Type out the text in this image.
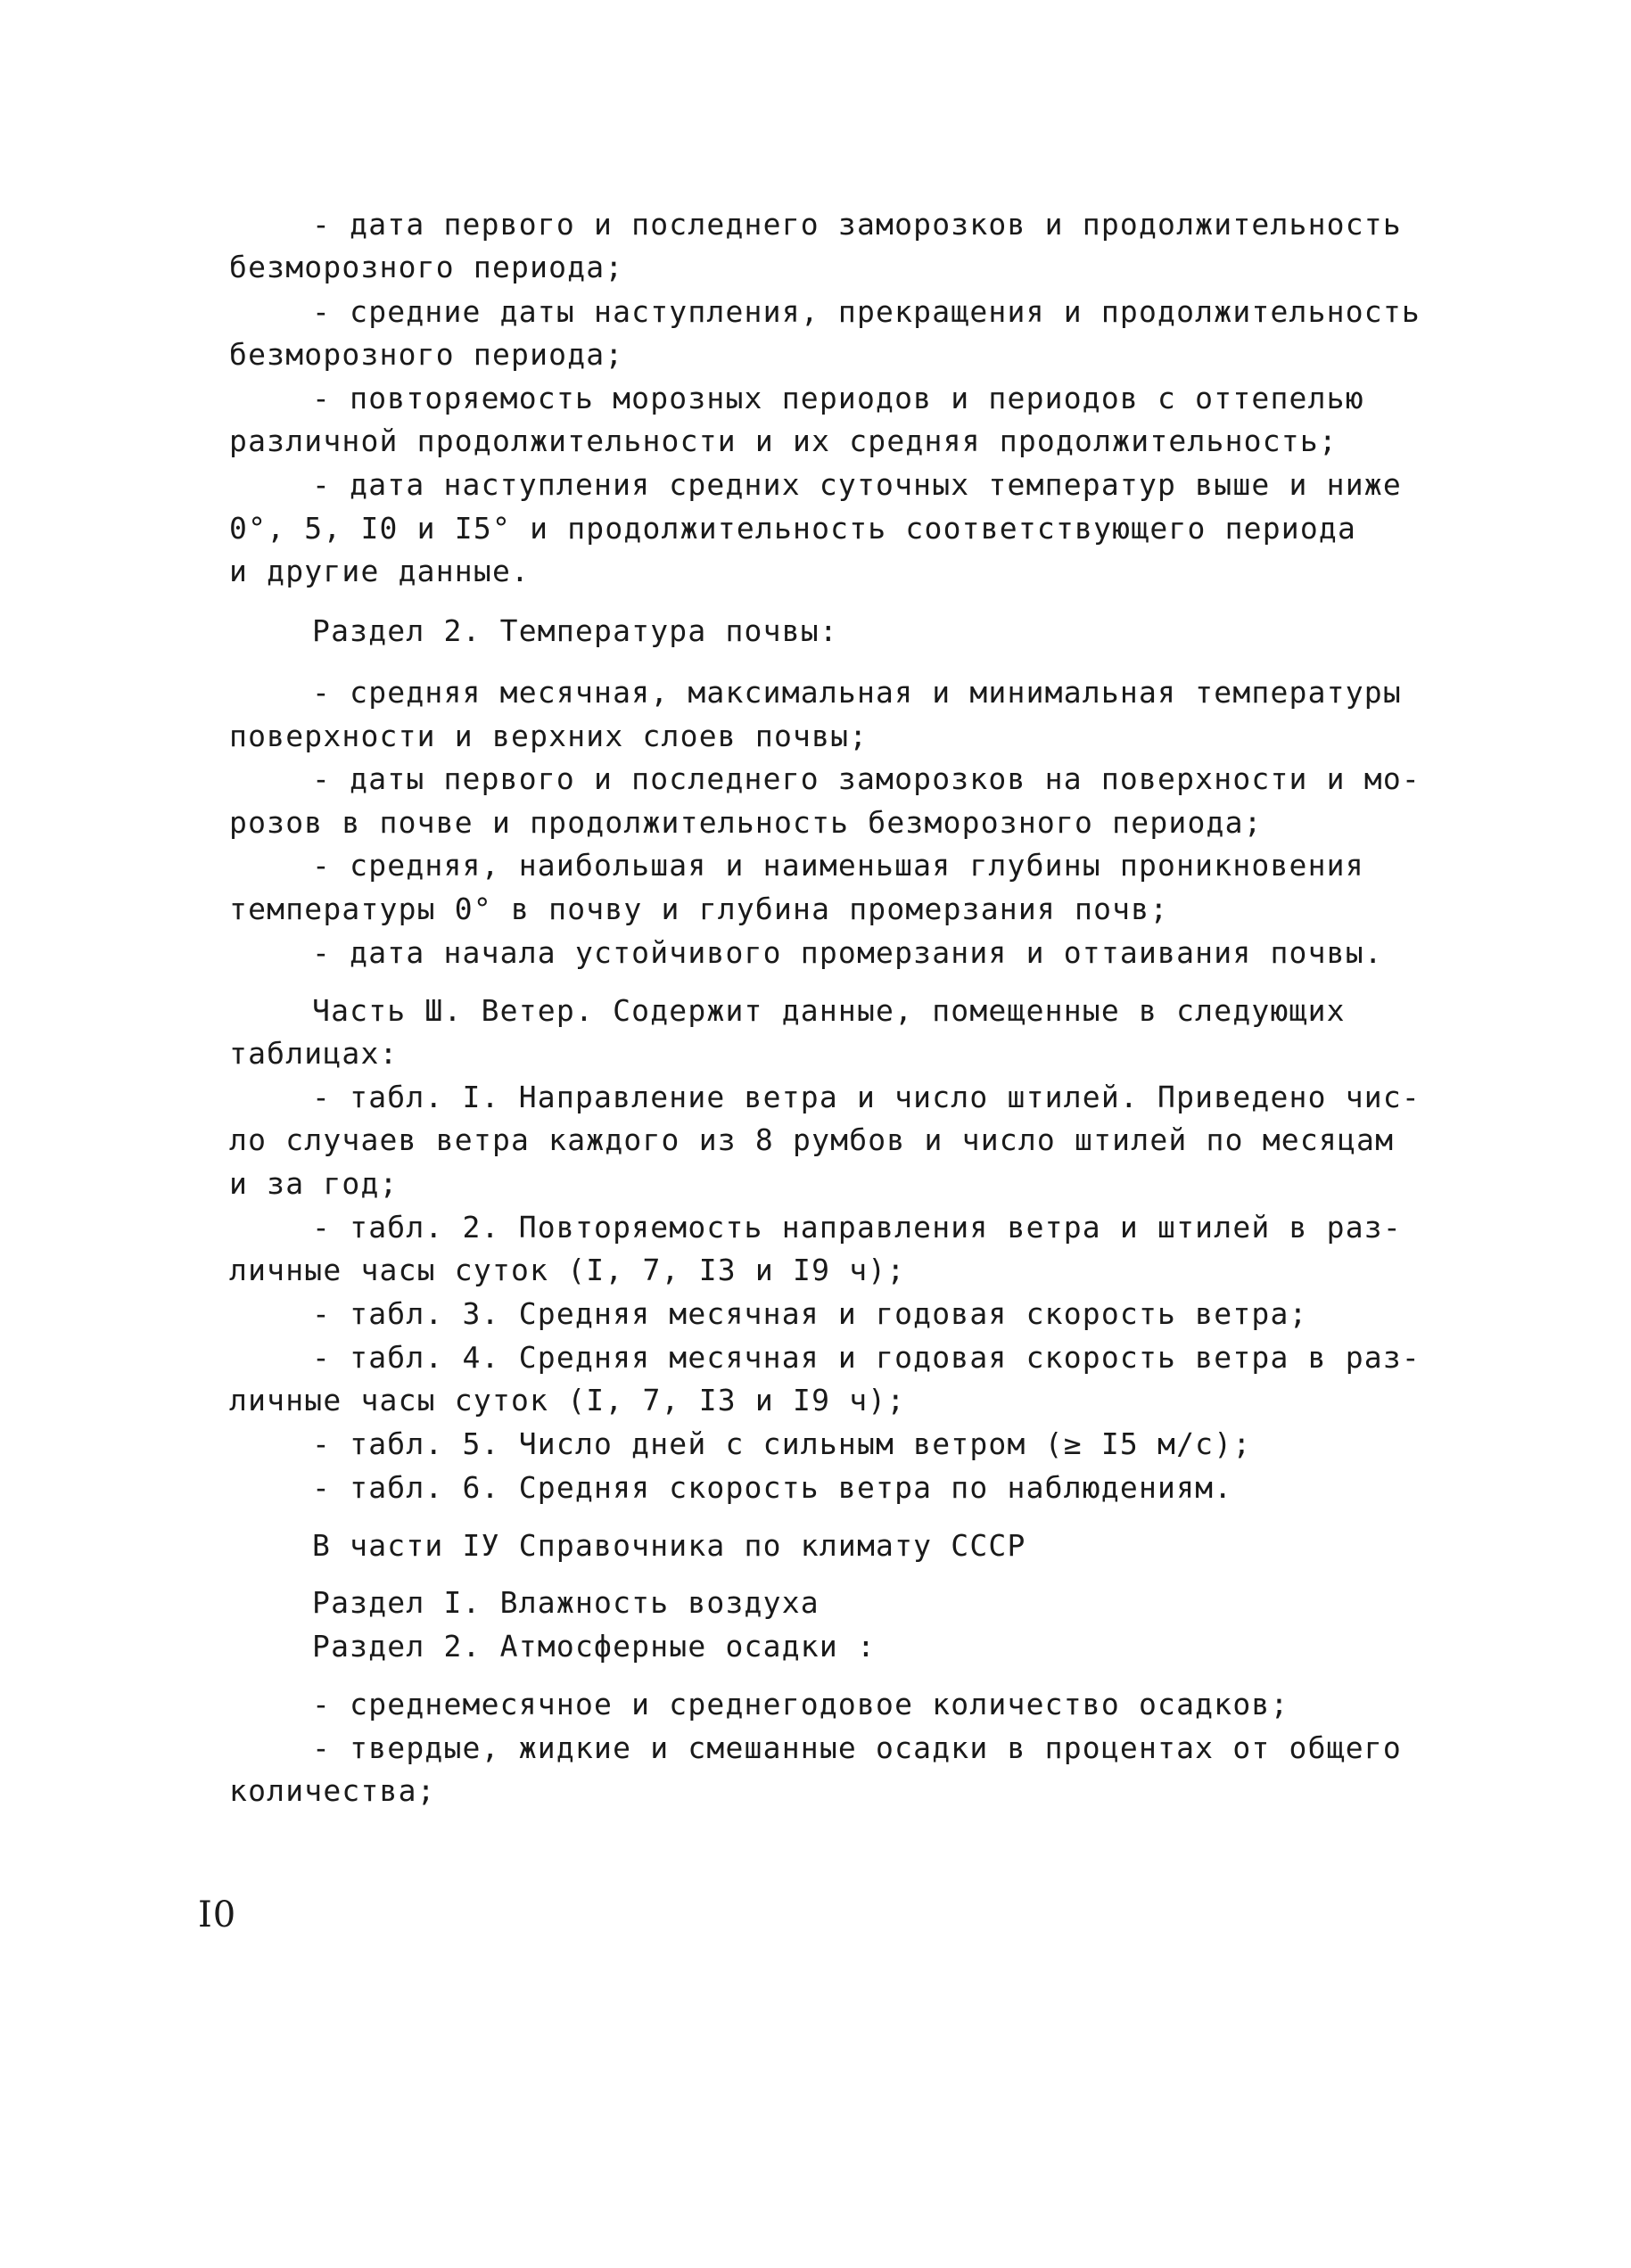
- дата первого и последнего заморозков и продолжительность
безморозного периода;
- средние даты наступления, прекращения и продолжительность
безморозного периода;
- повторяемость морозных периодов и периодов с оттепелью
различной продолжительности и их средняя продолжительность;
- дата наступления средних суточных температур выше и ниже
0°, 5, I0 и I5° и продолжительность соответствующего периода
и другие данные.
Раздел 2. Температура почвы:
- средняя месячная, максимальная и минимальная температуры
поверхности и верхних слоев почвы;
- даты первого и последнего заморозков на поверхности и мо-
розов в почве и продолжительность безморозного периода;
- средняя, наибольшая и наименьшая глубины проникновения
температуры 0° в почву и глубина промерзания почв;
- дата начала устойчивого промерзания и оттаивания почвы.
Часть Ш. Ветер. Содержит данные, помещенные в следующих
таблицах:
- табл. I. Направление ветра и число штилей. Приведено чис-
ло случаев ветра каждого из 8 румбов и число штилей по месяцам
и за год;
- табл. 2. Повторяемость направления ветра и штилей в раз-
личные часы суток (I, 7, I3 и I9 ч);
- табл. 3. Средняя месячная и годовая скорость ветра;
- табл. 4. Средняя месячная и годовая скорость ветра в раз-
личные часы суток (I, 7, I3 и I9 ч);
- табл. 5. Число дней с сильным ветром (≥ I5 м/с);
- табл. 6. Средняя скорость ветра по наблюдениям.
В части IУ Справочника по климату СССР
Раздел I. Влажность воздуха
Раздел 2. Атмосферные осадки :
- среднемесячное и среднегодовое количество осадков;
- твердые, жидкие и смешанные осадки в процентах от общего
количества;
I0
